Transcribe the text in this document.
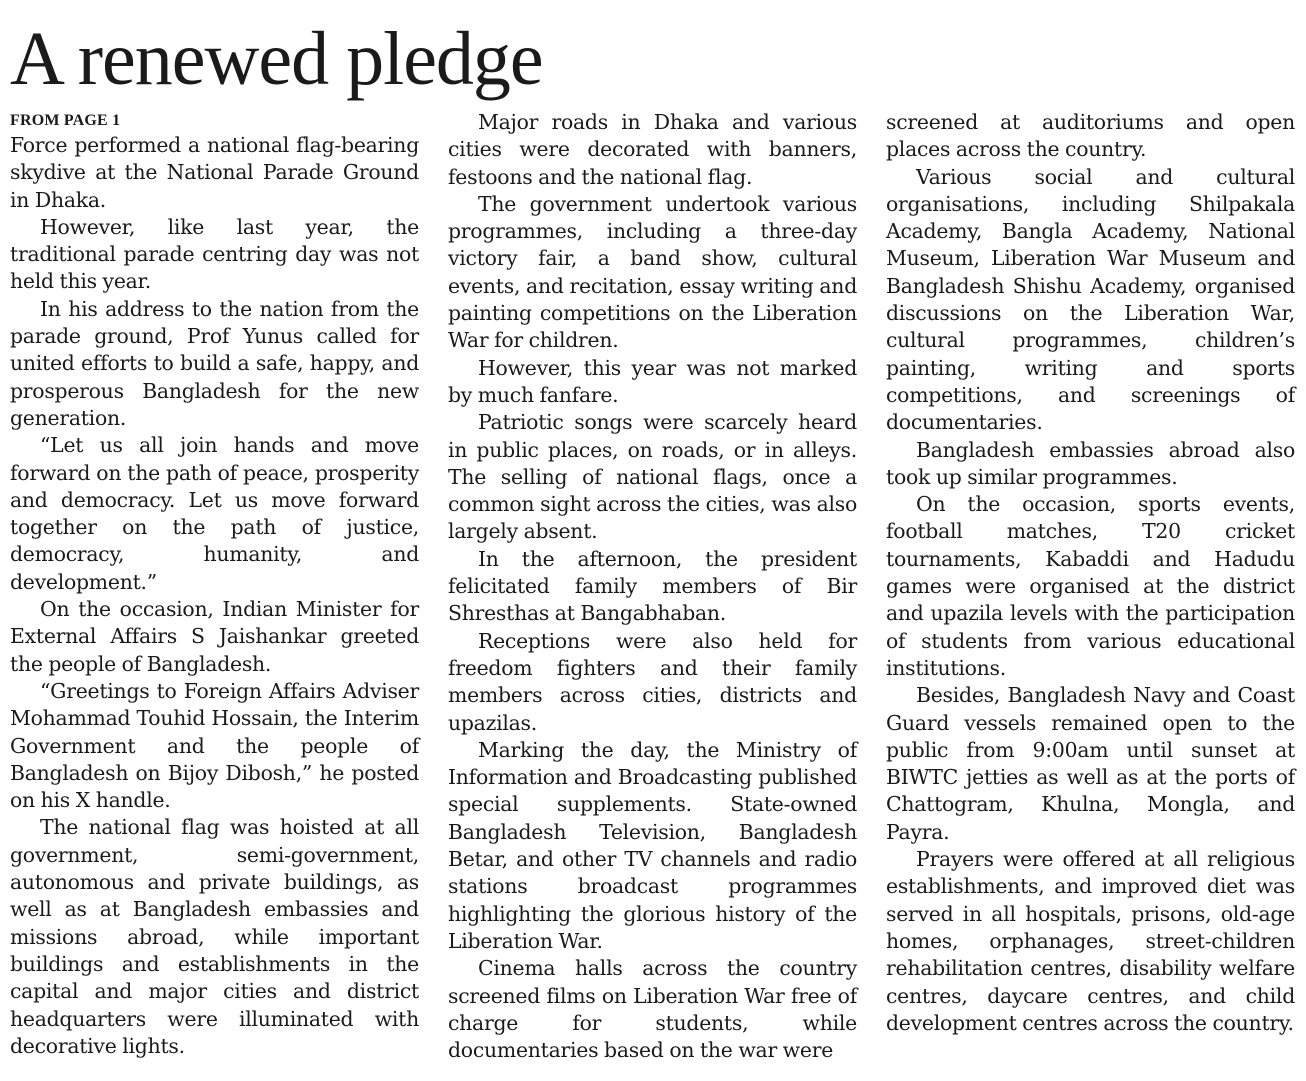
A renewed pledge
FROM PAGE 1

Force performed a national flag-bearing skydive at the National Parade Ground in Dhaka.

However, like last year, the traditional parade centring day was not held this year.

In his address to the nation from the parade ground, Prof Yunus called for united efforts to build a safe, happy, and prosperous Bangladesh for the new generation.

“Let us all join hands and move forward on the path of peace, prosperity and democracy. Let us move forward together on the path of justice, democracy, humanity, and development.”

On the occasion, Indian Minister for External Affairs S Jaishankar greeted the people of Bangladesh.

“Greetings to Foreign Affairs Adviser Mohammad Touhid Hossain, the Interim Government and the people of Bangladesh on Bijoy Dibosh,” he posted on his X handle.

The national flag was hoisted at all government, semi-government, autonomous and private buildings, as well as at Bangladesh embassies and missions abroad, while important buildings and establishments in the capital and major cities and district headquarters were illuminated with decorative lights.

Major roads in Dhaka and various cities were decorated with banners, festoons and the national flag.

The government undertook various programmes, including a three-day victory fair, a band show, cultural events, and recitation, essay writing and painting competitions on the Liberation War for children.

However, this year was not marked by much fanfare.

Patriotic songs were scarcely heard in public places, on roads, or in alleys. The selling of national flags, once a common sight across the cities, was also largely absent.

In the afternoon, the president felicitated family members of Bir Shresthas at Bangabhaban.

Receptions were also held for freedom fighters and their family members across cities, districts and upazilas.

Marking the day, the Ministry of Information and Broadcasting published special supplements. State-owned Bangladesh Television, Bangladesh Betar, and other TV channels and radio stations broadcast programmes highlighting the glorious history of the Liberation War.

Cinema halls across the country screened films on Liberation War free of charge for students, while documentaries based on the war were

screened at auditoriums and open places across the country.

Various social and cultural organisations, including Shilpakala Academy, Bangla Academy, National Museum, Liberation War Museum and Bangladesh Shishu Academy, organised discussions on the Liberation War, cultural programmes, children’s painting, writing and sports competitions, and screenings of documentaries.

Bangladesh embassies abroad also took up similar programmes.

On the occasion, sports events, football matches, T20 cricket tournaments, Kabaddi and Hadudu games were organised at the district and upazila levels with the participation of students from various educational institutions.

Besides, Bangladesh Navy and Coast Guard vessels remained open to the public from 9:00am until sunset at BIWTC jetties as well as at the ports of Chattogram, Khulna, Mongla, and Payra.

Prayers were offered at all religious establishments, and improved diet was served in all hospitals, prisons, old-age homes, orphanages, street-children rehabilitation centres, disability welfare centres, daycare centres, and child development centres across the country.
